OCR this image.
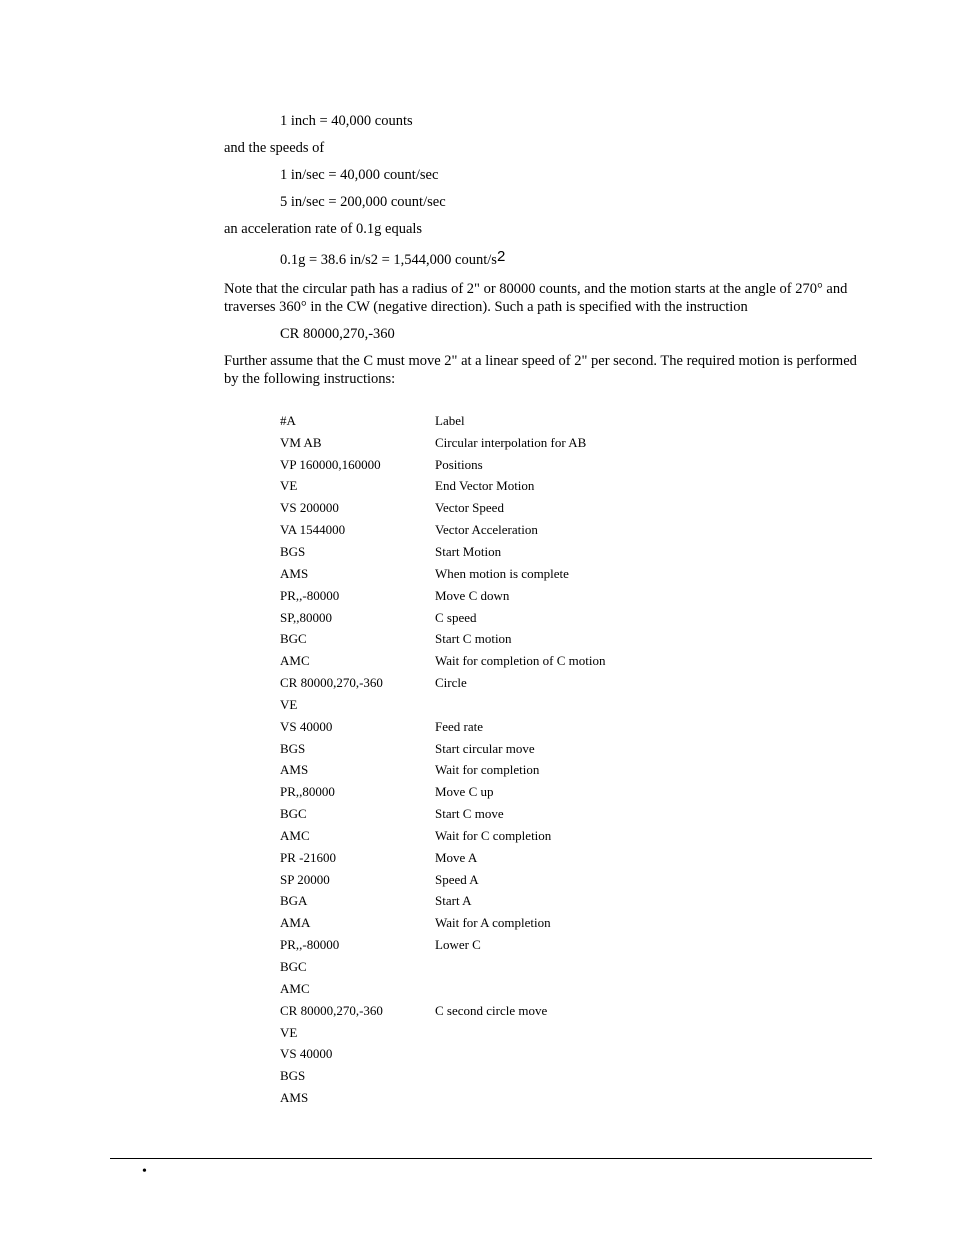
1 inch = 40,000 counts
and the speeds of
1 in/sec = 40,000 count/sec
5 in/sec = 200,000 count/sec
an acceleration rate of 0.1g equals
0.1g = 38.6 in/s2 = 1,544,000 count/s2
Note that the circular path has a radius of 2" or 80000 counts, and the motion starts at the angle of 270° and traverses 360° in the CW (negative direction). Such a path is specified with the instruction
CR 80000,270,-360
Further assume that the C must move 2" at a linear speed of 2" per second. The required motion is performed by the following instructions:
#A	Label
VM AB	Circular interpolation for AB
VP 160000,160000	Positions
VE	End Vector Motion
VS 200000	Vector Speed
VA 1544000	Vector Acceleration
BGS	Start Motion
AMS	When motion is complete
PR,,-80000	Move C down
SP,,80000	C speed
BGC	Start C motion
AMC	Wait for completion of C motion
CR 80000,270,-360	Circle
VE	
VS 40000	Feed rate
BGS	Start circular move
AMS	Wait for completion
PR,,80000	Move C up
BGC	Start C move
AMC	Wait for C completion
PR -21600	Move A
SP 20000	Speed A
BGA	Start A
AMA	Wait for A completion
PR,,-80000	Lower C
BGC	
AMC	
CR 80000,270,-360	C second circle move
VE	
VS 40000	
BGS	
AMS	
•
